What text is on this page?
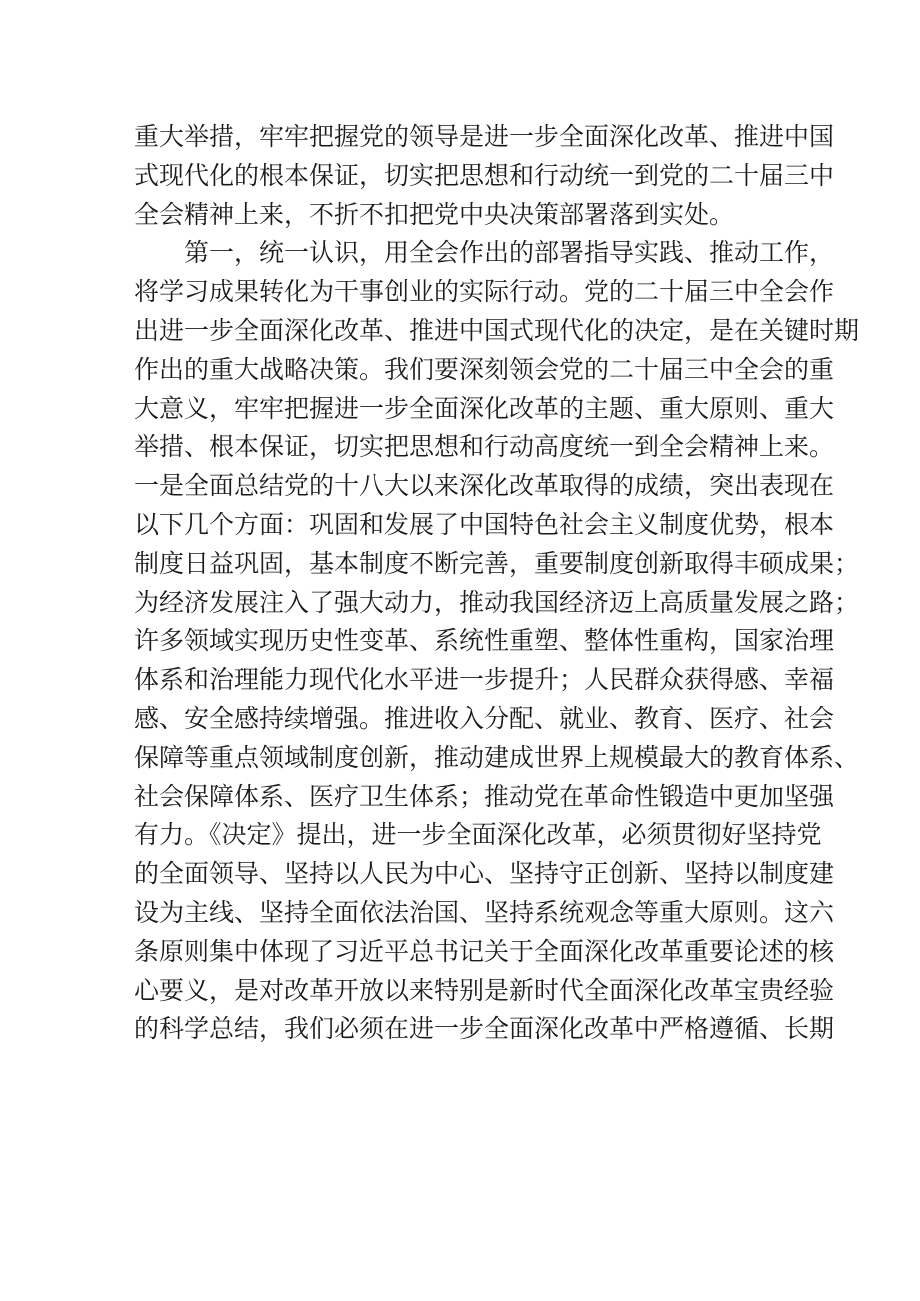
重大举措，牢牢把握党的领导是进一步全面深化改革、推进中国
式现代化的根本保证，切实把思想和行动统一到党的二十届三中
全会精神上来，不折不扣把党中央决策部署落到实处。
第一，统一认识，用全会作出的部署指导实践、推动工作，
将学习成果转化为干事创业的实际行动。党的二十届三中全会作
出进一步全面深化改革、推进中国式现代化的决定，是在关键时期
作出的重大战略决策。我们要深刻领会党的二十届三中全会的重
大意义，牢牢把握进一步全面深化改革的主题、重大原则、重大
举措、根本保证，切实把思想和行动高度统一到全会精神上来。
一是全面总结党的十八大以来深化改革取得的成绩，突出表现在
以下几个方面：巩固和发展了中国特色社会主义制度优势，根本
制度日益巩固，基本制度不断完善，重要制度创新取得丰硕成果；
为经济发展注入了强大动力，推动我国经济迈上高质量发展之路；
许多领域实现历史性变革、系统性重塑、整体性重构，国家治理
体系和治理能力现代化水平进一步提升；人民群众获得感、幸福
感、安全感持续增强。推进收入分配、就业、教育、医疗、社会
保障等重点领域制度创新，推动建成世界上规模最大的教育体系、
社会保障体系、医疗卫生体系；推动党在革命性锻造中更加坚强
有力。《决定》提出，进一步全面深化改革，必须贯彻好坚持党
的全面领导、坚持以人民为中心、坚持守正创新、坚持以制度建
设为主线、坚持全面依法治国、坚持系统观念等重大原则。这六
条原则集中体现了习近平总书记关于全面深化改革重要论述的核
心要义，是对改革开放以来特别是新时代全面深化改革宝贵经验
的科学总结，我们必须在进一步全面深化改革中严格遵循、长期
